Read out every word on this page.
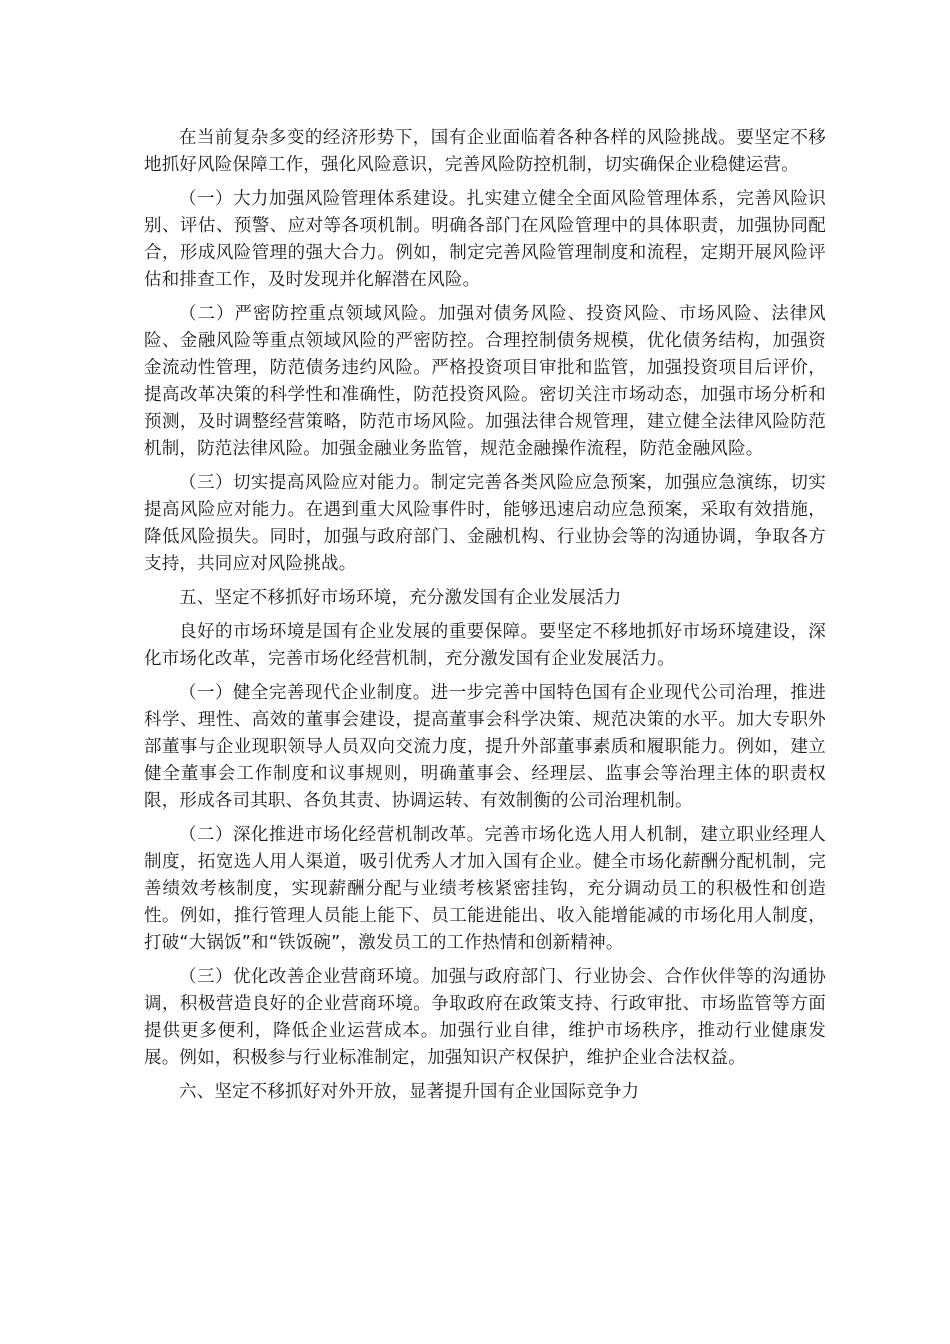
在当前复杂多变的经济形势下，国有企业面临着各种各样的风险挑战。要坚定不移地抓好风险保障工作，强化风险意识，完善风险防控机制，切实确保企业稳健运营。

（一）大力加强风险管理体系建设。扎实建立健全全面风险管理体系，完善风险识别、评估、预警、应对等各项机制。明确各部门在风险管理中的具体职责，加强协同配合，形成风险管理的强大合力。例如，制定完善风险管理制度和流程，定期开展风险评估和排查工作，及时发现并化解潜在风险。

（二）严密防控重点领域风险。加强对债务风险、投资风险、市场风险、法律风险、金融风险等重点领域风险的严密防控。合理控制债务规模，优化债务结构，加强资金流动性管理，防范债务违约风险。严格投资项目审批和监管，加强投资项目后评价，提高改革决策的科学性和准确性，防范投资风险。密切关注市场动态，加强市场分析和预测，及时调整经营策略，防范市场风险。加强法律合规管理，建立健全法律风险防范机制，防范法律风险。加强金融业务监管，规范金融操作流程，防范金融风险。

（三）切实提高风险应对能力。制定完善各类风险应急预案，加强应急演练，切实提高风险应对能力。在遇到重大风险事件时，能够迅速启动应急预案，采取有效措施，降低风险损失。同时，加强与政府部门、金融机构、行业协会等的沟通协调，争取各方支持，共同应对风险挑战。

五、坚定不移抓好市场环境，充分激发国有企业发展活力

良好的市场环境是国有企业发展的重要保障。要坚定不移地抓好市场环境建设，深化市场化改革，完善市场化经营机制，充分激发国有企业发展活力。

（一）健全完善现代企业制度。进一步完善中国特色国有企业现代公司治理，推进科学、理性、高效的董事会建设，提高董事会科学决策、规范决策的水平。加大专职外部董事与企业现职领导人员双向交流力度，提升外部董事素质和履职能力。例如，建立健全董事会工作制度和议事规则，明确董事会、经理层、监事会等治理主体的职责权限，形成各司其职、各负其责、协调运转、有效制衡的公司治理机制。

（二）深化推进市场化经营机制改革。完善市场化选人用人机制，建立职业经理人制度，拓宽选人用人渠道，吸引优秀人才加入国有企业。健全市场化薪酬分配机制，完善绩效考核制度，实现薪酬分配与业绩考核紧密挂钩，充分调动员工的积极性和创造性。例如，推行管理人员能上能下、员工能进能出、收入能增能减的市场化用人制度，打破“大锅饭”和“铁饭碗”，激发员工的工作热情和创新精神。

（三）优化改善企业营商环境。加强与政府部门、行业协会、合作伙伴等的沟通协调，积极营造良好的企业营商环境。争取政府在政策支持、行政审批、市场监管等方面提供更多便利，降低企业运营成本。加强行业自律，维护市场秩序，推动行业健康发展。例如，积极参与行业标准制定，加强知识产权保护，维护企业合法权益。

六、坚定不移抓好对外开放，显著提升国有企业国际竞争力
